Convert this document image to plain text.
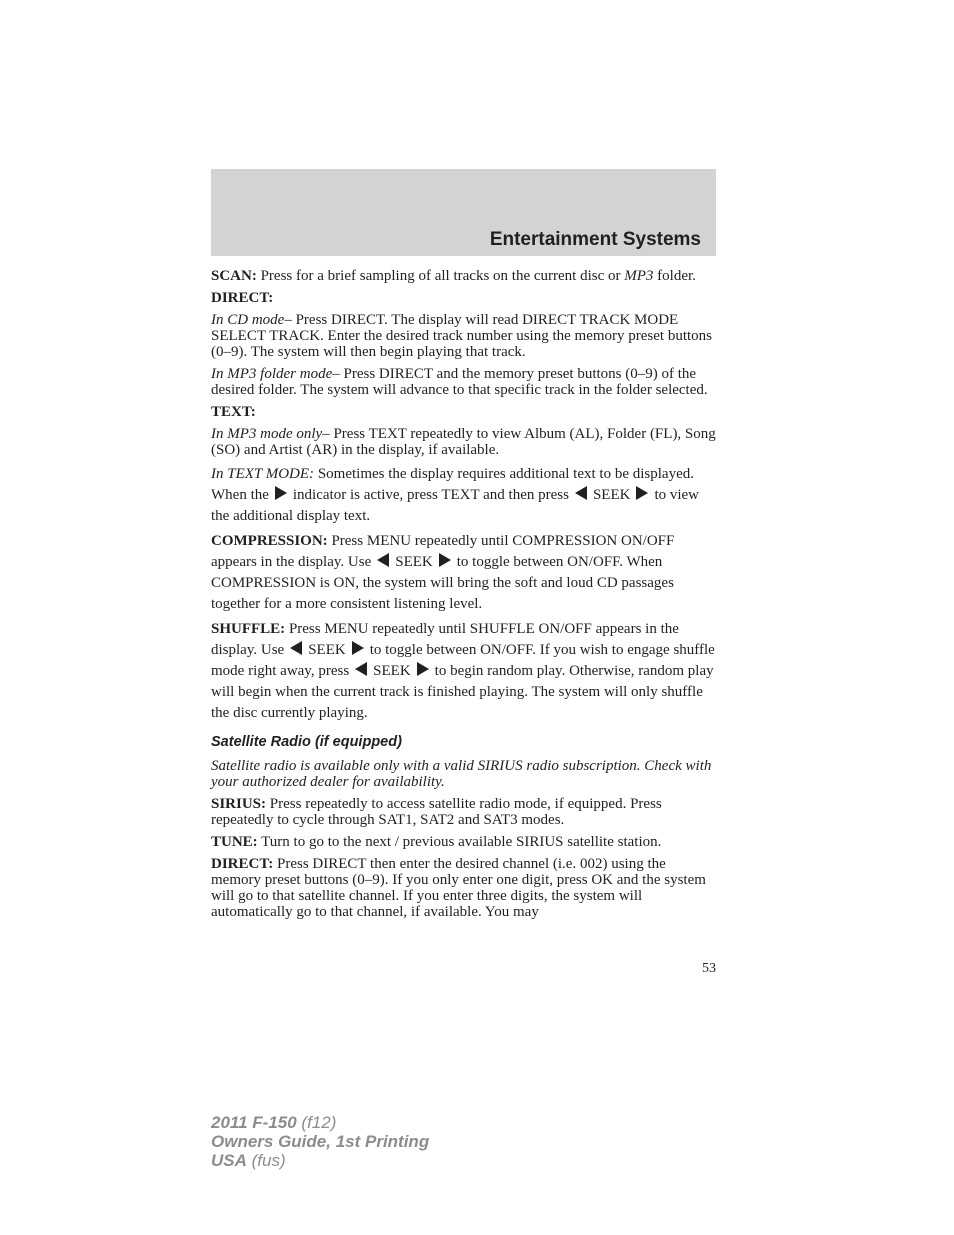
Entertainment Systems

SCAN: Press for a brief sampling of all tracks on the current disc or MP3 folder.

DIRECT:

In CD mode– Press DIRECT. The display will read DIRECT TRACK MODE SELECT TRACK. Enter the desired track number using the memory preset buttons (0–9). The system will then begin playing that track.

In MP3 folder mode– Press DIRECT and the memory preset buttons (0–9) of the desired folder. The system will advance to that specific track in the folder selected.

TEXT:

In MP3 mode only– Press TEXT repeatedly to view Album (AL), Folder (FL), Song (SO) and Artist (AR) in the display, if available.

In TEXT MODE: Sometimes the display requires additional text to be displayed. When the indicator is active, press TEXT and then press SEEK to view the additional display text.

COMPRESSION: Press MENU repeatedly until COMPRESSION ON/OFF appears in the display. Use SEEK to toggle between ON/OFF. When COMPRESSION is ON, the system will bring the soft and loud CD passages together for a more consistent listening level.

SHUFFLE: Press MENU repeatedly until SHUFFLE ON/OFF appears in the display. Use SEEK to toggle between ON/OFF. If you wish to engage shuffle mode right away, press SEEK to begin random play. Otherwise, random play will begin when the current track is finished playing. The system will only shuffle the disc currently playing.

Satellite Radio (if equipped)

Satellite radio is available only with a valid SIRIUS radio subscription. Check with your authorized dealer for availability.

SIRIUS: Press repeatedly to access satellite radio mode, if equipped. Press repeatedly to cycle through SAT1, SAT2 and SAT3 modes.

TUNE: Turn to go to the next / previous available SIRIUS satellite station.

DIRECT: Press DIRECT then enter the desired channel (i.e. 002) using the memory preset buttons (0–9). If you only enter one digit, press OK and the system will go to that satellite channel. If you enter three digits, the system will automatically go to that channel, if available. You may

53
2011 F-150 (f12)
Owners Guide, 1st Printing
USA (fus)
